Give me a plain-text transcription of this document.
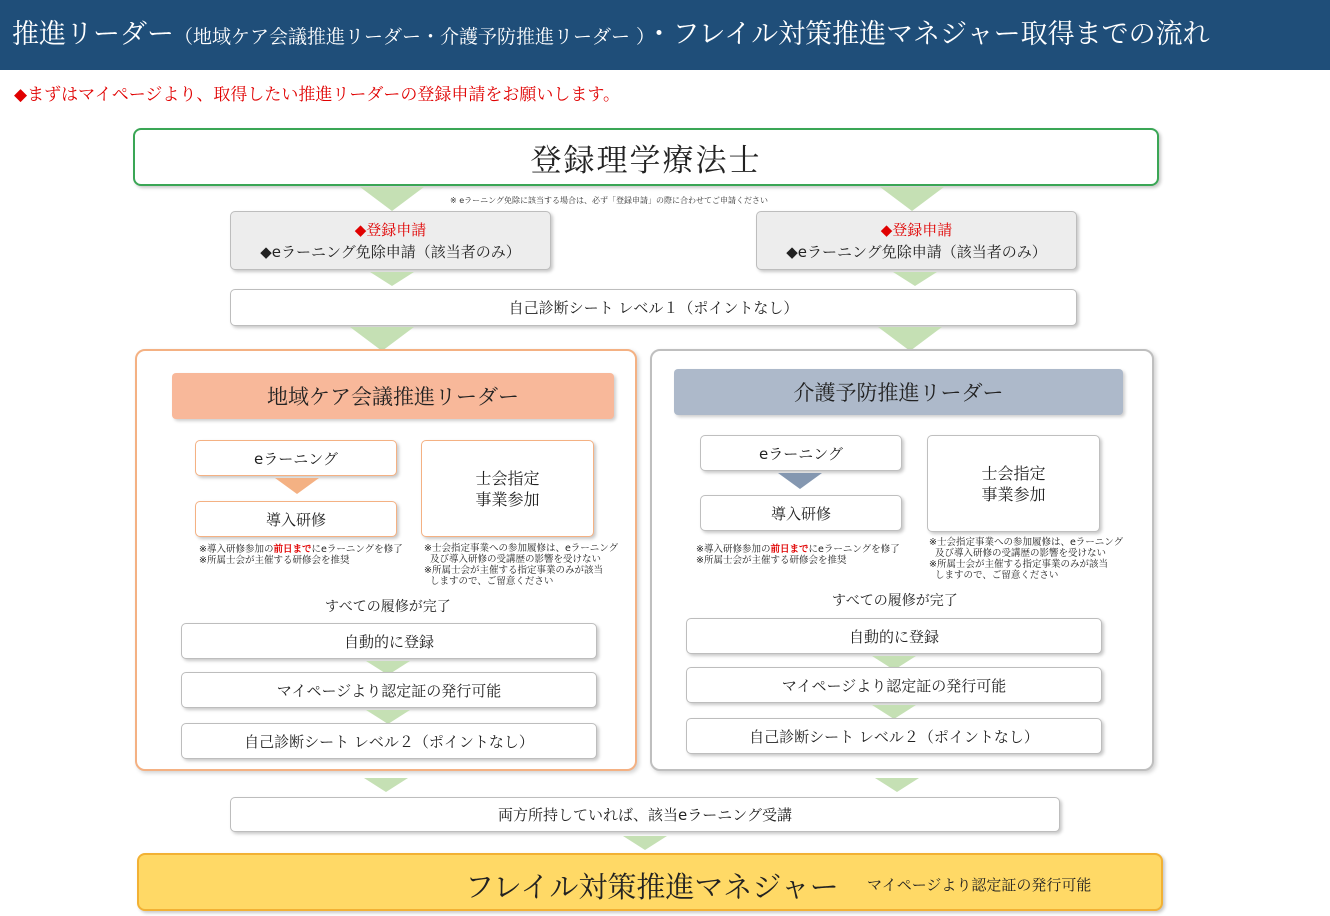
推進リーダー（地域ケア会議推進リーダー・介護予防推進リーダー ）・フレイル対策推進マネジャー取得までの流れ
◆まずはマイページより、取得したい推進リーダーの登録申請をお願いします。
登録理学療法士
※ eラーニング免除に該当する場合は、必ず「登録申請」の際に合わせてご申請ください
◆登録申請
◆eラーニング免除申請（該当者のみ）
◆登録申請
◆eラーニング免除申請（該当者のみ）
自己診断シート レベル１（ポイントなし）
地域ケア会議推進リーダー
eラーニング
導入研修
士会指定
事業参加
※導入研修参加の前日までにeラーニングを修了
※所属士会が主催する研修会を推奨
※士会指定事業への参加履修は、eラーニング
及び導入研修の受講歴の影響を受けない
※所属士会が主催する指定事業のみが該当
しますので、ご留意ください
すべての履修が完了
自動的に登録
マイページより認定証の発行可能
自己診断シート レベル２（ポイントなし）
介護予防推進リーダー
eラーニング
導入研修
士会指定
事業参加
※導入研修参加の前日までにeラーニングを修了
※所属士会が主催する研修会を推奨
※士会指定事業への参加履修は、eラーニング
及び導入研修の受講歴の影響を受けない
※所属士会が主催する指定事業のみが該当
しますので、ご留意ください
すべての履修が完了
自動的に登録
マイページより認定証の発行可能
自己診断シート レベル２（ポイントなし）
両方所持していれば、該当eラーニング受講
フレイル対策推進マネジャー マイページより認定証の発行可能
